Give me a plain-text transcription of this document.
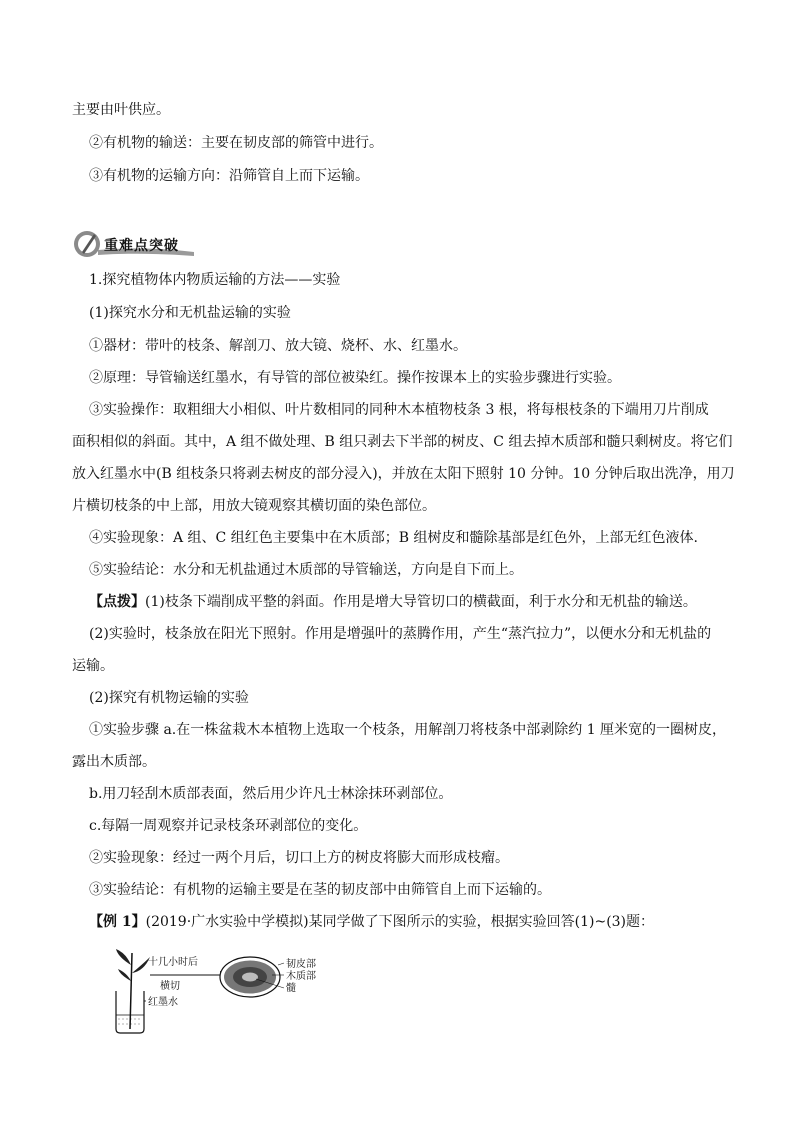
主要由叶供应。
②有机物的输送：主要在韧皮部的筛管中进行。
③有机物的运输方向：沿筛管自上而下运输。
重难点突破
1.探究植物体内物质运输的方法——实验
(1)探究水分和无机盐运输的实验
①器材：带叶的枝条、解剖刀、放大镜、烧杯、水、红墨水。
②原理：导管输送红墨水，有导管的部位被染红。操作按课本上的实验步骤进行实验。
③实验操作：取粗细大小相似、叶片数相同的同种木本植物枝条 3 根，将每根枝条的下端用刀片削成
面积相似的斜面。其中，A 组不做处理、B 组只剥去下半部的树皮、C 组去掉木质部和髓只剩树皮。将它们
放入红墨水中(B 组枝条只将剥去树皮的部分浸入)，并放在太阳下照射 10 分钟。10 分钟后取出洗净，用刀
片横切枝条的中上部，用放大镜观察其横切面的染色部位。
④实验现象：A 组、C 组红色主要集中在木质部；B 组树皮和髓除基部是红色外，上部无红色液体.
⑤实验结论：水分和无机盐通过木质部的导管输送，方向是自下而上。
【点拨】(1)枝条下端削成平整的斜面。作用是增大导管切口的横截面，利于水分和无机盐的输送。
(2)实验时，枝条放在阳光下照射。作用是增强叶的蒸腾作用，产生“蒸汽拉力”，以便水分和无机盐的
运输。
(2)探究有机物运输的实验
①实验步骤 a.在一株盆栽木本植物上选取一个枝条，用解剖刀将枝条中部剥除约 1 厘米宽的一圈树皮，
露出木质部。
b.用刀轻刮木质部表面，然后用少许凡士林涂抹环剥部位。
c.每隔一周观察并记录枝条环剥部位的变化。
②实验现象：经过一两个月后，切口上方的树皮将膨大而形成枝瘤。
③实验结论：有机物的运输主要是在茎的韧皮部中由筛管自上而下运输的。
【例 1】(2019·广水实验中学模拟)某同学做了下图所示的实验，根据实验回答(1)~(3)题：
十几小时后
横切
红墨水
韧皮部
木质部
髓
